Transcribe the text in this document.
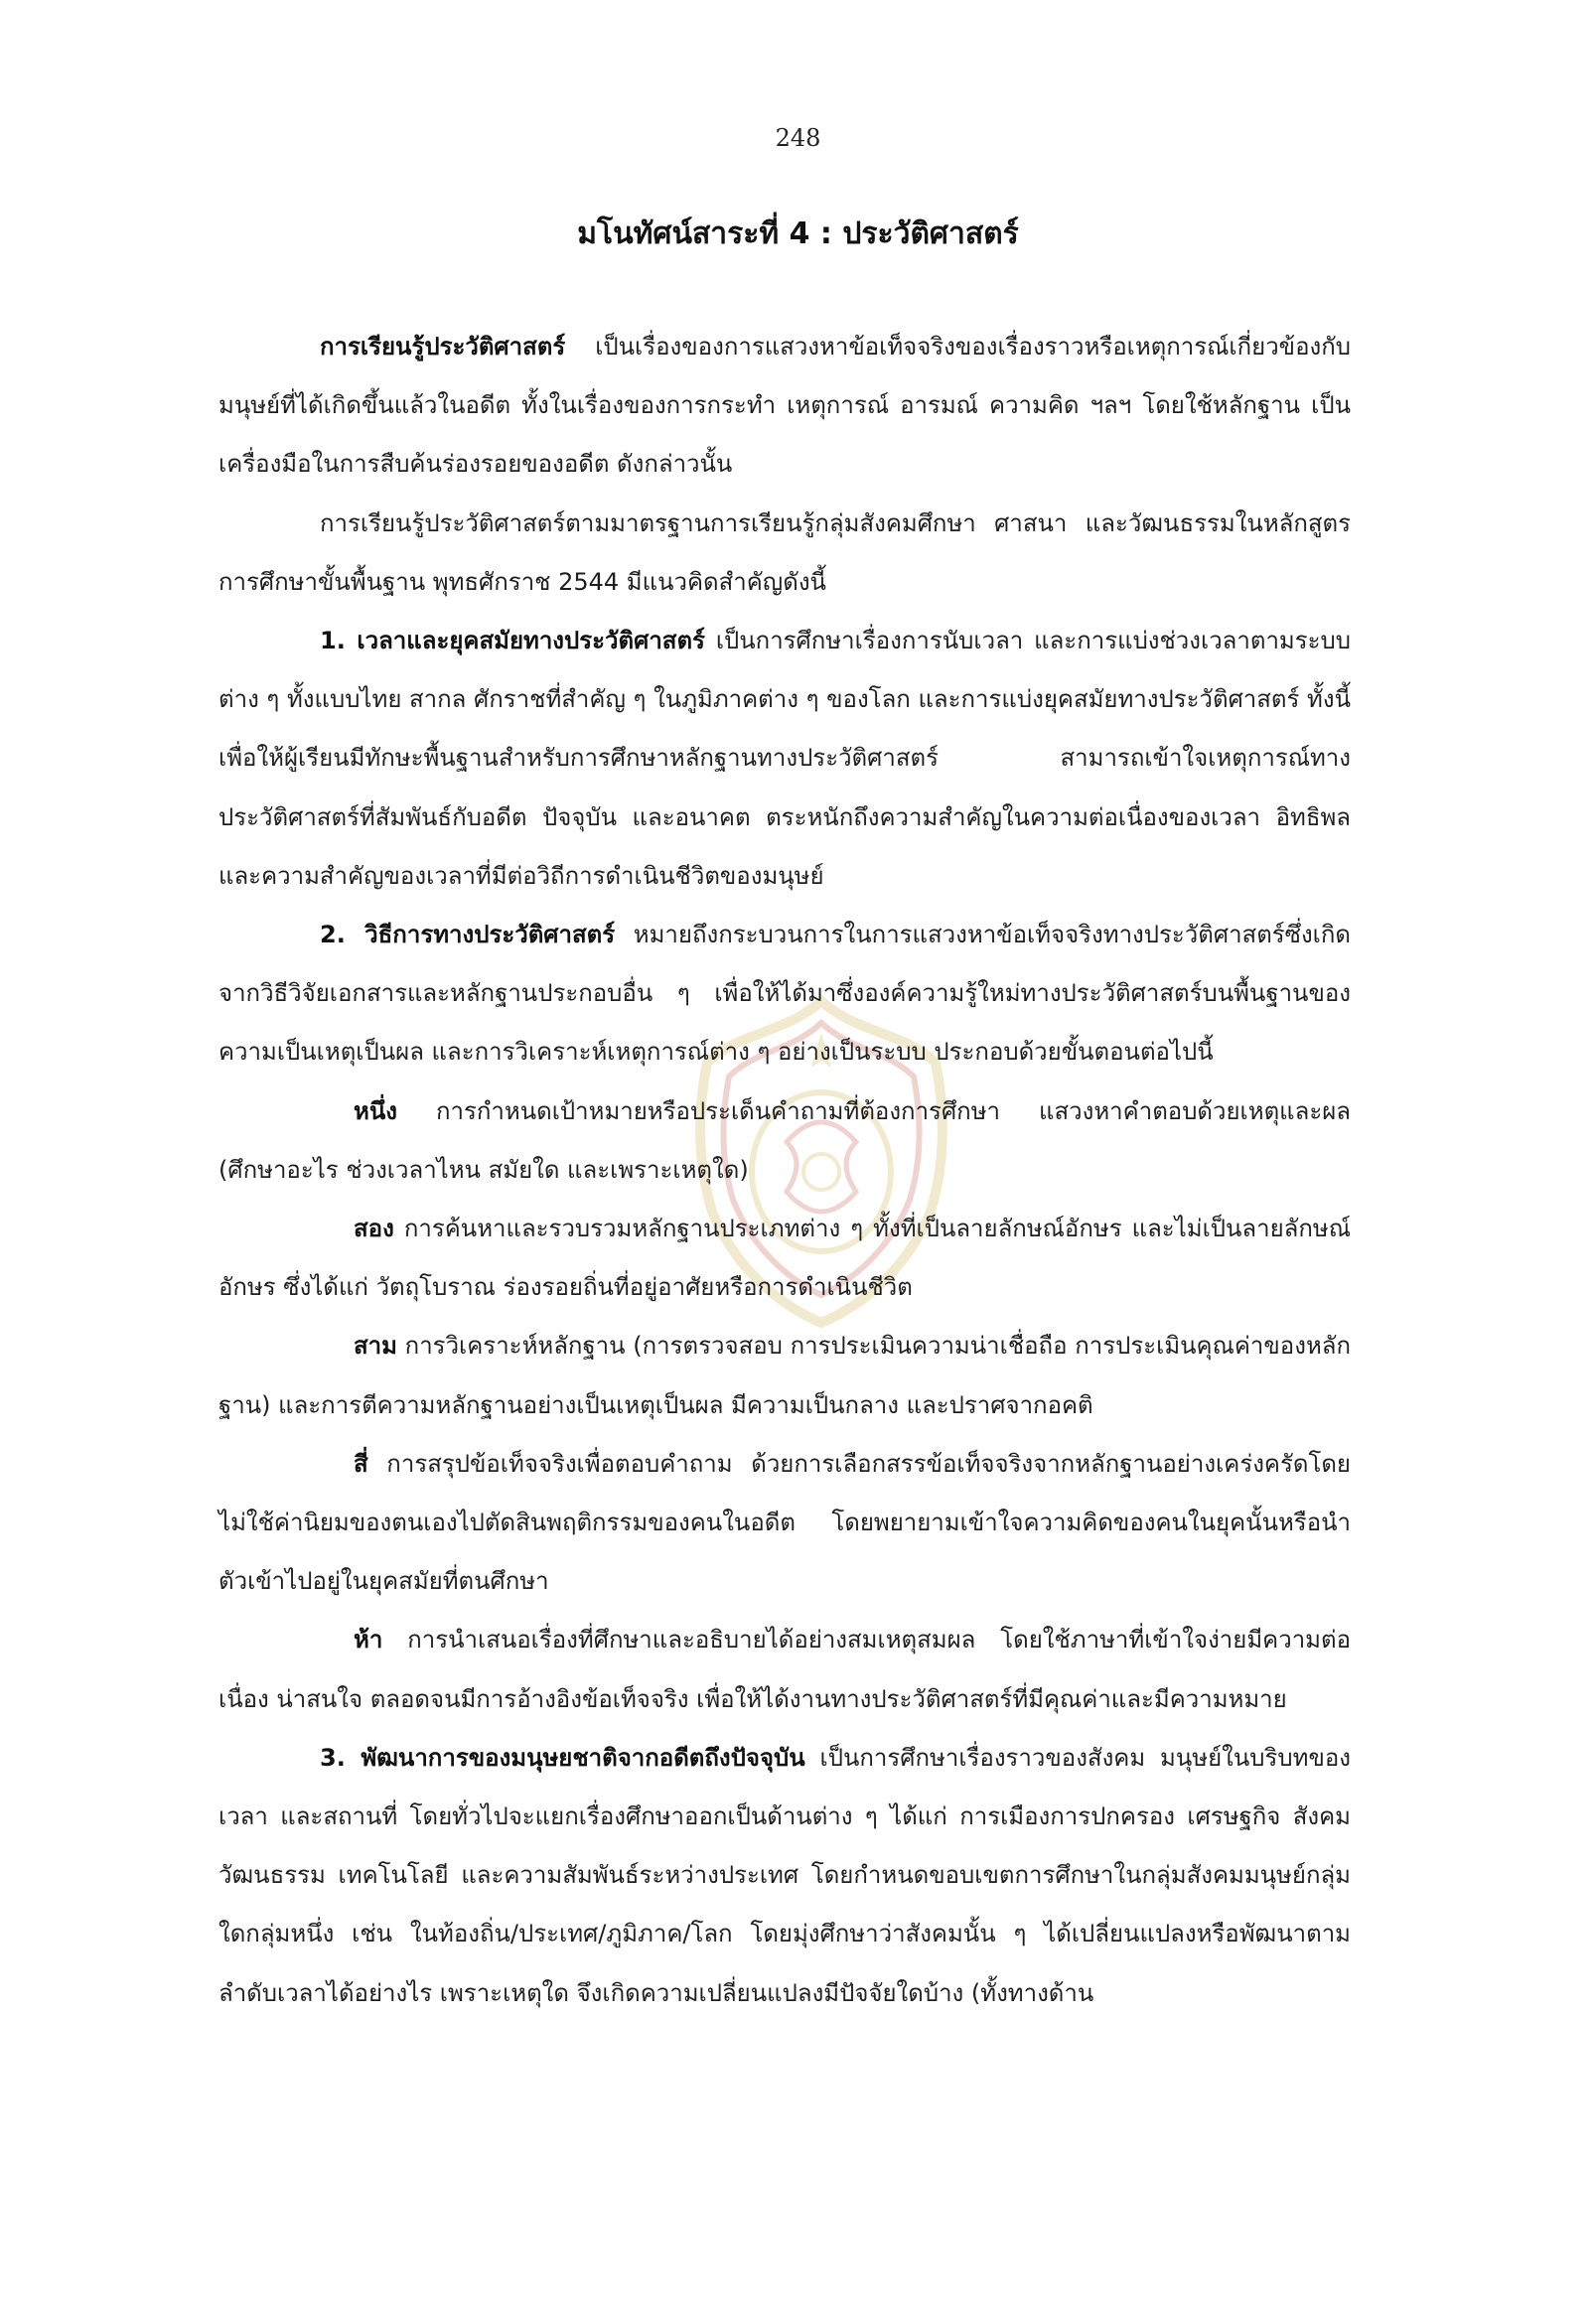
248
มโนทัศน์สาระที่ 4 : ประวัติศาสตร์

การเรียนรู้ประวัติศาสตร์ เป็นเรื่องของการแสวงหาข้อเท็จจริงของเรื่องราวหรือเหตุการณ์เกี่ยวข้องกับมนุษย์ที่ได้เกิดขึ้นแล้วในอดีต ทั้งในเรื่องของการกระทำ เหตุการณ์ อารมณ์ ความคิด ฯลฯ โดยใช้หลักฐาน เป็นเครื่องมือในการสืบค้นร่องรอยของอดีต ดังกล่าวนั้น

การเรียนรู้ประวัติศาสตร์ตามมาตรฐานการเรียนรู้กลุ่มสังคมศึกษา ศาสนา และวัฒนธรรมในหลักสูตรการศึกษาขั้นพื้นฐาน พุทธศักราช 2544 มีแนวคิดสำคัญดังนี้

1. เวลาและยุคสมัยทางประวัติศาสตร์ เป็นการศึกษาเรื่องการนับเวลา และการแบ่งช่วงเวลาตามระบบต่าง ๆ ทั้งแบบไทย สากล ศักราชที่สำคัญ ๆ ในภูมิภาคต่าง ๆ ของโลก และการแบ่งยุคสมัยทางประวัติศาสตร์ ทั้งนี้เพื่อให้ผู้เรียนมีทักษะพื้นฐานสำหรับการศึกษาหลักฐานทางประวัติศาสตร์ สามารถเข้าใจเหตุการณ์ทางประวัติศาสตร์ที่สัมพันธ์กับอดีต ปัจจุบัน และอนาคต ตระหนักถึงความสำคัญในความต่อเนื่องของเวลา อิทธิพลและความสำคัญของเวลาที่มีต่อวิถีการดำเนินชีวิตของมนุษย์

2. วิธีการทางประวัติศาสตร์ หมายถึงกระบวนการในการแสวงหาข้อเท็จจริงทางประวัติศาสตร์ซึ่งเกิดจากวิธีวิจัยเอกสารและหลักฐานประกอบอื่น ๆ เพื่อให้ได้มาซึ่งองค์ความรู้ใหม่ทางประวัติศาสตร์บนพื้นฐานของความเป็นเหตุเป็นผล และการวิเคราะห์เหตุการณ์ต่าง ๆ อย่างเป็นระบบ ประกอบด้วยขั้นตอนต่อไปนี้

หนึ่ง การกำหนดเป้าหมายหรือประเด็นคำถามที่ต้องการศึกษา แสวงหาคำตอบด้วยเหตุและผล (ศึกษาอะไร ช่วงเวลาไหน สมัยใด และเพราะเหตุใด)

สอง การค้นหาและรวบรวมหลักฐานประเภทต่าง ๆ ทั้งที่เป็นลายลักษณ์อักษร และไม่เป็นลายลักษณ์อักษร ซึ่งได้แก่ วัตถุโบราณ ร่องรอยถิ่นที่อยู่อาศัยหรือการดำเนินชีวิต

สาม การวิเคราะห์หลักฐาน (การตรวจสอบ การประเมินความน่าเชื่อถือ การประเมินคุณค่าของหลักฐาน) และการตีความหลักฐานอย่างเป็นเหตุเป็นผล มีความเป็นกลาง และปราศจากอคติ

สี่ การสรุปข้อเท็จจริงเพื่อตอบคำถาม ด้วยการเลือกสรรข้อเท็จจริงจากหลักฐานอย่างเคร่งครัดโดยไม่ใช้ค่านิยมของตนเองไปตัดสินพฤติกรรมของคนในอดีต โดยพยายามเข้าใจความคิดของคนในยุคนั้นหรือนำตัวเข้าไปอยู่ในยุคสมัยที่ตนศึกษา

ห้า การนำเสนอเรื่องที่ศึกษาและอธิบายได้อย่างสมเหตุสมผล โดยใช้ภาษาที่เข้าใจง่ายมีความต่อเนื่อง น่าสนใจ ตลอดจนมีการอ้างอิงข้อเท็จจริง เพื่อให้ได้งานทางประวัติศาสตร์ที่มีคุณค่าและมีความหมาย

3. พัฒนาการของมนุษยชาติจากอดีตถึงปัจจุบัน เป็นการศึกษาเรื่องราวของสังคม มนุษย์ในบริบทของเวลา และสถานที่ โดยทั่วไปจะแยกเรื่องศึกษาออกเป็นด้านต่าง ๆ ได้แก่ การเมืองการปกครอง เศรษฐกิจ สังคม วัฒนธรรม เทคโนโลยี และความสัมพันธ์ระหว่างประเทศ โดยกำหนดขอบเขตการศึกษาในกลุ่มสังคมมนุษย์กลุ่มใดกลุ่มหนึ่ง เช่น ในท้องถิ่น/ประเทศ/ภูมิภาค/โลก โดยมุ่งศึกษาว่าสังคมนั้น ๆ ได้เปลี่ยนแปลงหรือพัฒนาตามลำดับเวลาได้อย่างไร เพราะเหตุใด จึงเกิดความเปลี่ยนแปลงมีปัจจัยใดบ้าง (ทั้งทางด้าน
